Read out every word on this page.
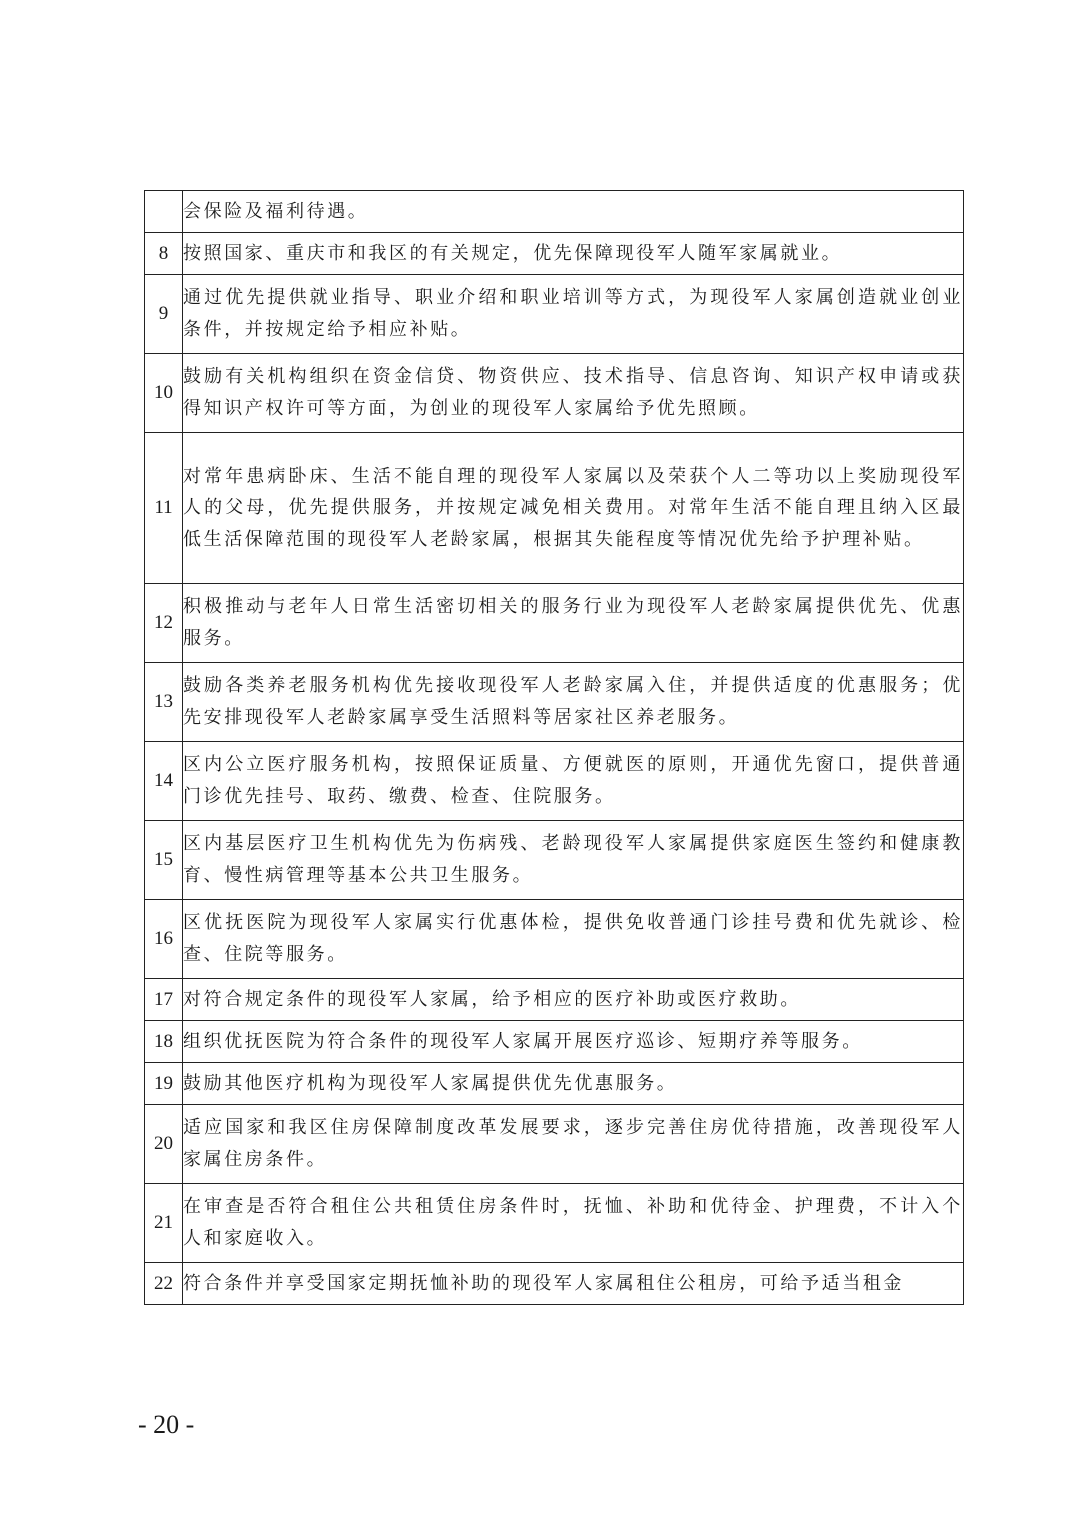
	会保险及福利待遇。
8	按照国家、重庆市和我区的有关规定，优先保障现役军人随军家属就业。
9	通过优先提供就业指导、职业介绍和职业培训等方式，为现役军人家属创造就业创业条件，并按规定给予相应补贴。
10	鼓励有关机构组织在资金信贷、物资供应、技术指导、信息咨询、知识产权申请或获得知识产权许可等方面，为创业的现役军人家属给予优先照顾。
11	对常年患病卧床、生活不能自理的现役军人家属以及荣获个人二等功以上奖励现役军人的父母，优先提供服务，并按规定减免相关费用。对常年生活不能自理且纳入区最低生活保障范围的现役军人老龄家属，根据其失能程度等情况优先给予护理补贴。
12	积极推动与老年人日常生活密切相关的服务行业为现役军人老龄家属提供优先、优惠服务。
13	鼓励各类养老服务机构优先接收现役军人老龄家属入住，并提供适度的优惠服务；优先安排现役军人老龄家属享受生活照料等居家社区养老服务。
14	区内公立医疗服务机构，按照保证质量、方便就医的原则，开通优先窗口，提供普通门诊优先挂号、取药、缴费、检查、住院服务。
15	区内基层医疗卫生机构优先为伤病残、老龄现役军人家属提供家庭医生签约和健康教育、慢性病管理等基本公共卫生服务。
16	区优抚医院为现役军人家属实行优惠体检，提供免收普通门诊挂号费和优先就诊、检查、住院等服务。
17	对符合规定条件的现役军人家属，给予相应的医疗补助或医疗救助。
18	组织优抚医院为符合条件的现役军人家属开展医疗巡诊、短期疗养等服务。
19	鼓励其他医疗机构为现役军人家属提供优先优惠服务。
20	适应国家和我区住房保障制度改革发展要求，逐步完善住房优待措施，改善现役军人家属住房条件。
21	在审查是否符合租住公共租赁住房条件时，抚恤、补助和优待金、护理费，不计入个人和家庭收入。
22	符合条件并享受国家定期抚恤补助的现役军人家属租住公租房，可给予适当租金
- 20 -
